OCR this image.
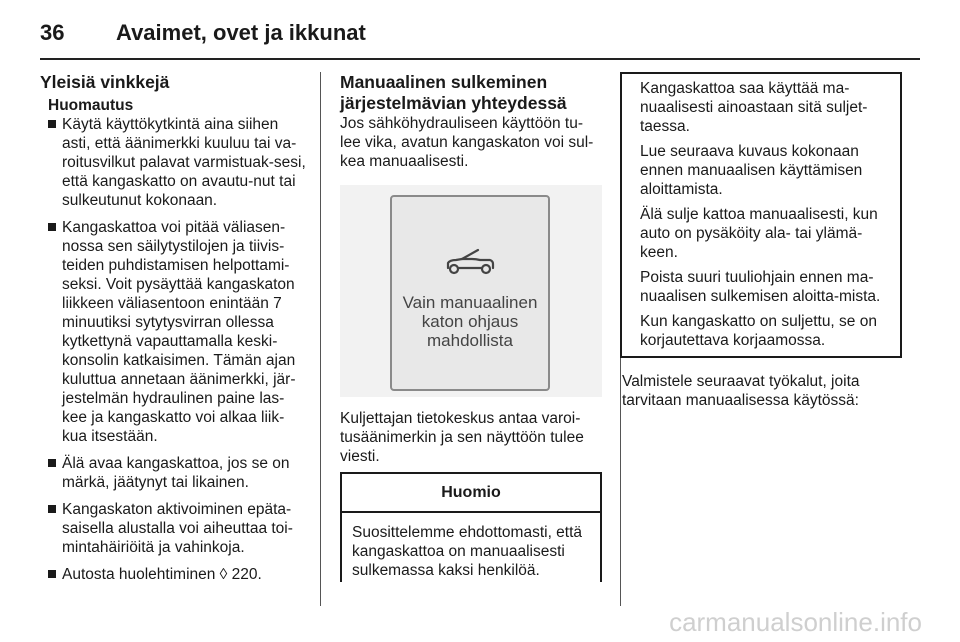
36 Avaimet, ovet ja ikkunat
Yleisiä vinkkejä
Huomautus
Käytä käyttökytkintä aina siihen asti, että äänimerkki kuuluu tai va-roitusvilkut palavat varmistuak-sesi, että kangaskatto on avautu-nut tai sulkeutunut kokonaan.
Kangaskattoa voi pitää väliasen-nossa sen säilytystilojen ja tiivis-teiden puhdistamisen helpottami-seksi. Voit pysäyttää kangaskaton liikkeen väliasentoon enintään 7 minuutiksi sytytysvirran ollessa kytkettynä vapauttamalla keski-konsolin katkaisimen. Tämän ajan kuluttua annetaan äänimerkki, jär-jestelmän hydraulinen paine las-kee ja kangaskatto voi alkaa liik-kua itsestään.
Älä avaa kangaskattoa, jos se on märkä, jäätynyt tai likainen.
Kangaskaton aktivoiminen epäta-saisella alustalla voi aiheuttaa toi-mintahäiriöitä ja vahinkoja.
Autosta huolehtiminen ◊ 220.
Manuaalinen sulkeminen järjestelmävian yhteydessä

Jos sähköhydrauliseen käyttöön tu-lee vika, avatun kangaskaton voi sul-kea manuaalisesti.

Vain manuaalinen
katon ohjaus
mahdollista

Kuljettajan tietokeskus antaa varoi-tusäänimerkin ja sen näyttöön tulee viesti.

Huomio
Suosittelemme ehdottomasti, että kangaskattoa on manuaalisesti sulkemassa kaksi henkilöä.

Kangaskattoa saa käyttää ma-nuaalisesti ainoastaan sitä suljet-taessa.

Lue seuraava kuvaus kokonaan ennen manuaalisen käyttämisen aloittamista.

Älä sulje kattoa manuaalisesti, kun auto on pysäköity ala- tai ylämä-keen.

Poista suuri tuuliohjain ennen ma-nuaalisen sulkemisen aloitta-mista.

Kun kangaskatto on suljettu, se on korjautettava korjaamossa.

Valmistele seuraavat työkalut, joita tarvitaan manuaalisessa käytössä:

carmanualsonline.info
